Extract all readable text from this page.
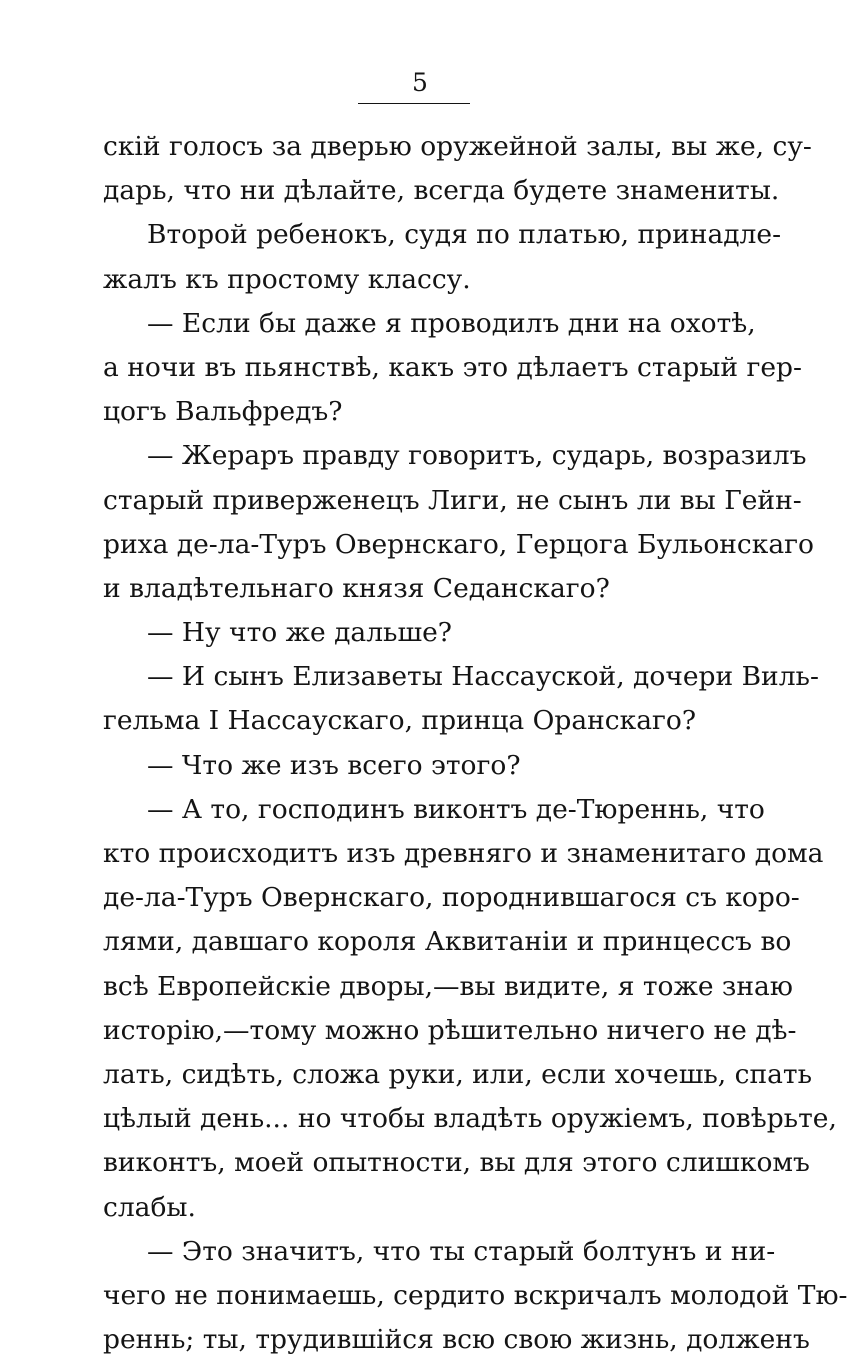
5
скій голосъ за дверью оружейной залы, вы же, су-
дарь, что ни дѣлайте, всегда будете знамениты.
Второй ребенокъ, судя по платью, принадле-
жалъ къ простому классу.
— Если бы даже я проводилъ дни на охотѣ,
а ночи въ пьянствѣ, какъ это дѣлаетъ старый гер-
цогъ Вальфредъ?
— Жераръ правду говоритъ, сударь, возразилъ
старый приверженецъ Лиги, не сынъ ли вы Гейн-
риха де-ла-Туръ Овернскаго, Герцога Бульонскаго
и владѣтельнаго князя Седанскаго?
— Ну что же дальше?
— И сынъ Елизаветы Нассауской, дочери Виль-
гельма I Нассаускаго, принца Оранскаго?
— Что же изъ всего этого?
— А то, господинъ виконтъ де-Тюреннь, что
кто происходитъ изъ древняго и знаменитаго дома
де-ла-Туръ Овернскаго, породнившагося съ коро-
лями, давшаго короля Аквитаніи и принцессъ во
всѣ Европейскіе дворы,—вы видите, я тоже знаю
исторію,—тому можно рѣшительно ничего не дѣ-
лать, сидѣть, сложа руки, или, если хочешь, спать
цѣлый день... но чтобы владѣть оружіемъ, повѣрьте,
виконтъ, моей опытности, вы для этого слишкомъ
слабы.
— Это значитъ, что ты старый болтунъ и ни-
чего не понимаешь, сердито вскричалъ молодой Тю-
реннь; ты, трудившійся всю свою жизнь, долженъ
